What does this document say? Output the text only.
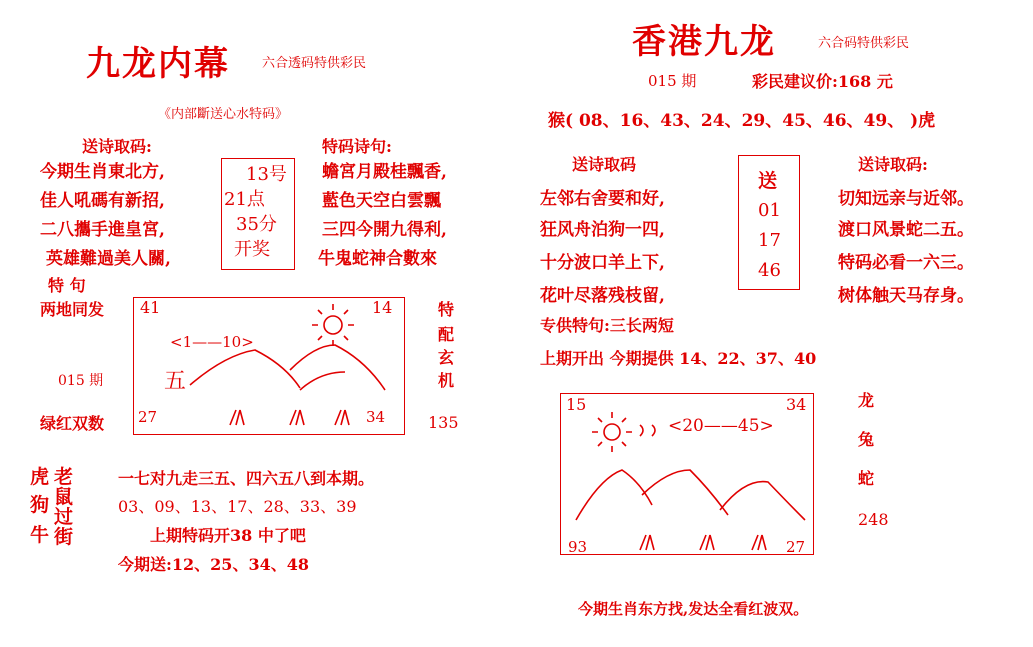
九龙内幕 六合透码特供彩民
《内部斷送心水特码》
送诗取码:
今期生肖東北方,
佳人吼碼有新招,
二八攜手進皇宮,
英雄難過美人關,
13号
21点
35分
开奖
特码诗句:
蟾宮月殿桂飄香,
藍色天空白雲飄
三四今開九得利,
牛鬼蛇神合數來
特 句
两地同发
015 期
绿红双数
41	14
<1——10>
五
27	34
特
配
玄
机
135
虎
狗
牛
老
鼠
过
街
一七对九走三五、四六五八到本期。
03、09、13、17、28、33、39
上期特码开38 中了吧
今期送:12、25、34、48
香港九龙	六合码特供彩民
015 期	彩民建议价:168 元
猴( 08、16、43、24、29、45、46、49、 )虎
送诗取码
左邻右舍要和好,
狂风舟泊狗一四,
十分波口羊上下,
花叶尽落残枝留,
送
01
17
46
送诗取码:
切知远亲与近邻。
渡口风景蛇二五。
特码必看一六三。
树体触天马存身。
专供特句:三长两短
上期开出 今期提供 14、22、37、40
15	34
<20——45>
93	27
龙
兔
蛇
248
今期生肖东方找,发达全看红波双。
